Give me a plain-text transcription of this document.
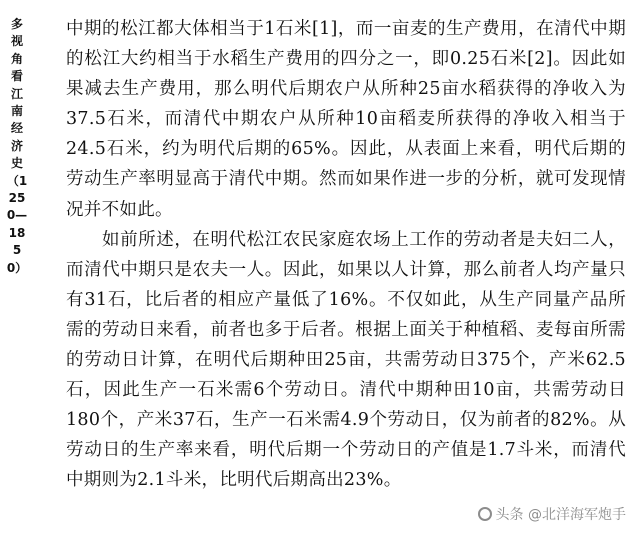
多视角看江南经济史（1250—1850）

中期的松江都大体相当于1石米[1]，而一亩麦的生产费用，在清代中期的松江大约相当于水稻生产费用的四分之一，即0.25石米[2]。因此如果减去生产费用，那么明代后期农户从所种25亩水稻获得的净收入为37.5石米，而清代中期农户从所种10亩稻麦所获得的净收入相当于24.5石米，约为明代后期的65%。因此，从表面上来看，明代后期的劳动生产率明显高于清代中期。然而如果作进一步的分析，就可发现情况并不如此。

如前所述，在明代松江农民家庭农场上工作的劳动者是夫妇二人，而清代中期只是农夫一人。因此，如果以人计算，那么前者人均产量只有31石，比后者的相应产量低了16%。不仅如此，从生产同量产品所需的劳动日来看，前者也多于后者。根据上面关于种植稻、麦每亩所需的劳动日计算，在明代后期种田25亩，共需劳动日375个，产米62.5石，因此生产一石米需6个劳动日。清代中期种田10亩，共需劳动日180个，产米37石，生产一石米需4.9个劳动日，仅为前者的82%。从劳动日的生产率来看，明代后期一个劳动日的产值是1.7斗米，而清代中期则为2.1斗米，比明代后期高出23%。

头条 @北洋海军炮手
